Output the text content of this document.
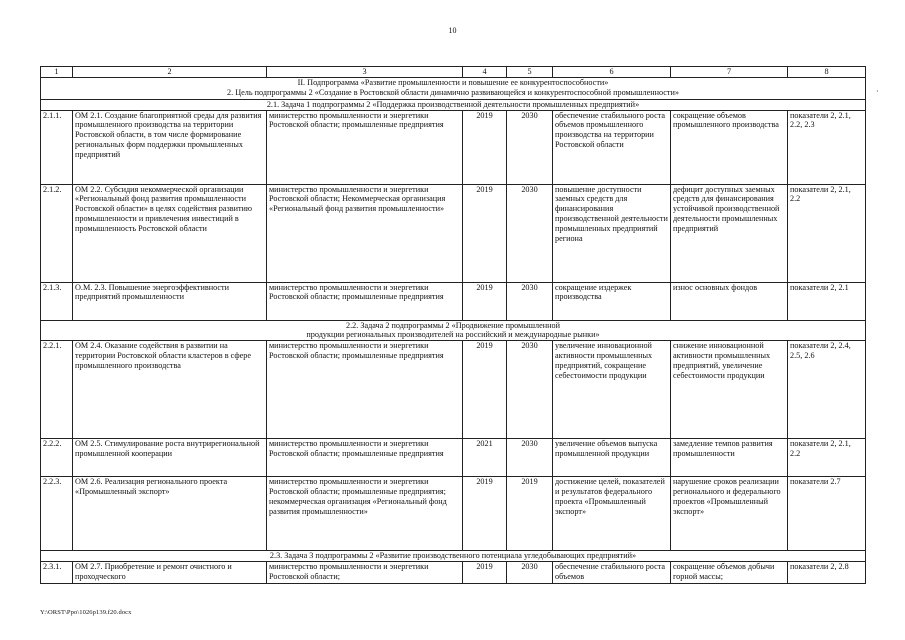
10
·
1	2	3	4	5	6	7	8

II. Подпрограмма «Развитие промышленности и повышение ее конкурентоспособности»
2. Цель подпрограммы 2 «Создание в Ростовской области динамично развивающейся и конкурентоспособной промышленности»							

2.1. Задача 1 подпрограммы 2 «Поддержка производственной деятельности промышленных предприятий»							
2.1.1.	ОМ 2.1. Создание благоприятной среды для развития промышленного производства на территории Ростовской области, в том числе формирование региональных форм поддержки промышленных предприятий	министерство промышленности и энергетики Ростовской области; промышленные предприятия	2019	2030	обеспечение стабильного роста объемов промышленного производства на территории Ростовской области	сокращение объемов промышленного производства	показатели 2, 2.1, 2.2, 2.3
2.1.2.	ОМ 2.2. Субсидия некоммерческой организации «Региональный фонд развития промышленности Ростовской области» в целях содействия развитию промышленности и привлечения инвестиций в промышленность Ростовской области	министерство промышленности и энергетики Ростовской области; Некоммерческая организация «Региональный фонд развития промышленности»	2019	2030	повышение доступности заемных средств для финансирования производственной деятельности промышленных предприятий региона	дефицит доступных заемных средств для финансирования устойчивой производственной деятельности промышленных предприятий	показатели 2, 2.1, 2.2
2.1.3.	О.М. 2.3. Повышение энергоэффективности предприятий промышленности	министерство промышленности и энергетики Ростовской области; промышленные предприятия	2019	2030	сокращение издержек производства	износ основных фондов	показатели 2, 2.1

2.2. Задача 2 подпрограммы 2 «Продвижение промышленной
продукции региональных производителей на российский и международные рынки»							

2.2.1.	ОМ 2.4. Оказание содействия в развитии на территории Ростовской области кластеров в сфере промышленного производства	министерство промышленности и энергетики Ростовской области; промышленные предприятия	2019	2030	увеличение инновационной активности промышленных предприятий, сокращение себестоимости продукции	снижение инновационной активности промышленных предприятий, увеличение себестоимости продукции	показатели 2, 2.4, 2.5, 2.6
2.2.2.	ОМ 2.5. Стимулирование роста внутрирегиональной промышленной кооперации	министерство промышленности и энергетики Ростовской области; промышленные предприятия	2021	2030	увеличение объемов выпуска промышленной продукции	замедление темпов развития промышленности	показатели 2, 2.1, 2.2
2.2.3.	ОМ 2.6. Реализация регионального проекта «Промышленный экспорт»	министерство промышленности и энергетики Ростовской области; промышленные предприятия; некоммерческая организация «Региональный фонд развития промышленности»	2019	2019	достижение целей, показателей и результатов федерального проекта «Промышленный экспорт»	нарушение сроков реализации регионального и федерального проектов «Промышленный экспорт»	показатели 2.7
2.3. Задача 3 подпрограммы 2 «Развитие производственного потенциала угледобывающих предприятий»							
2.3.1.	ОМ 2.7. Приобретение и ремонт очистного и проходческого	министерство промышленности и энергетики Ростовской области;	2019	2030	обеспечение стабильного роста объемов	сокращение объемов добычи горной массы;	показатели 2, 2.8
Y:\ORST\Ppo\1026p139.f20.docx
